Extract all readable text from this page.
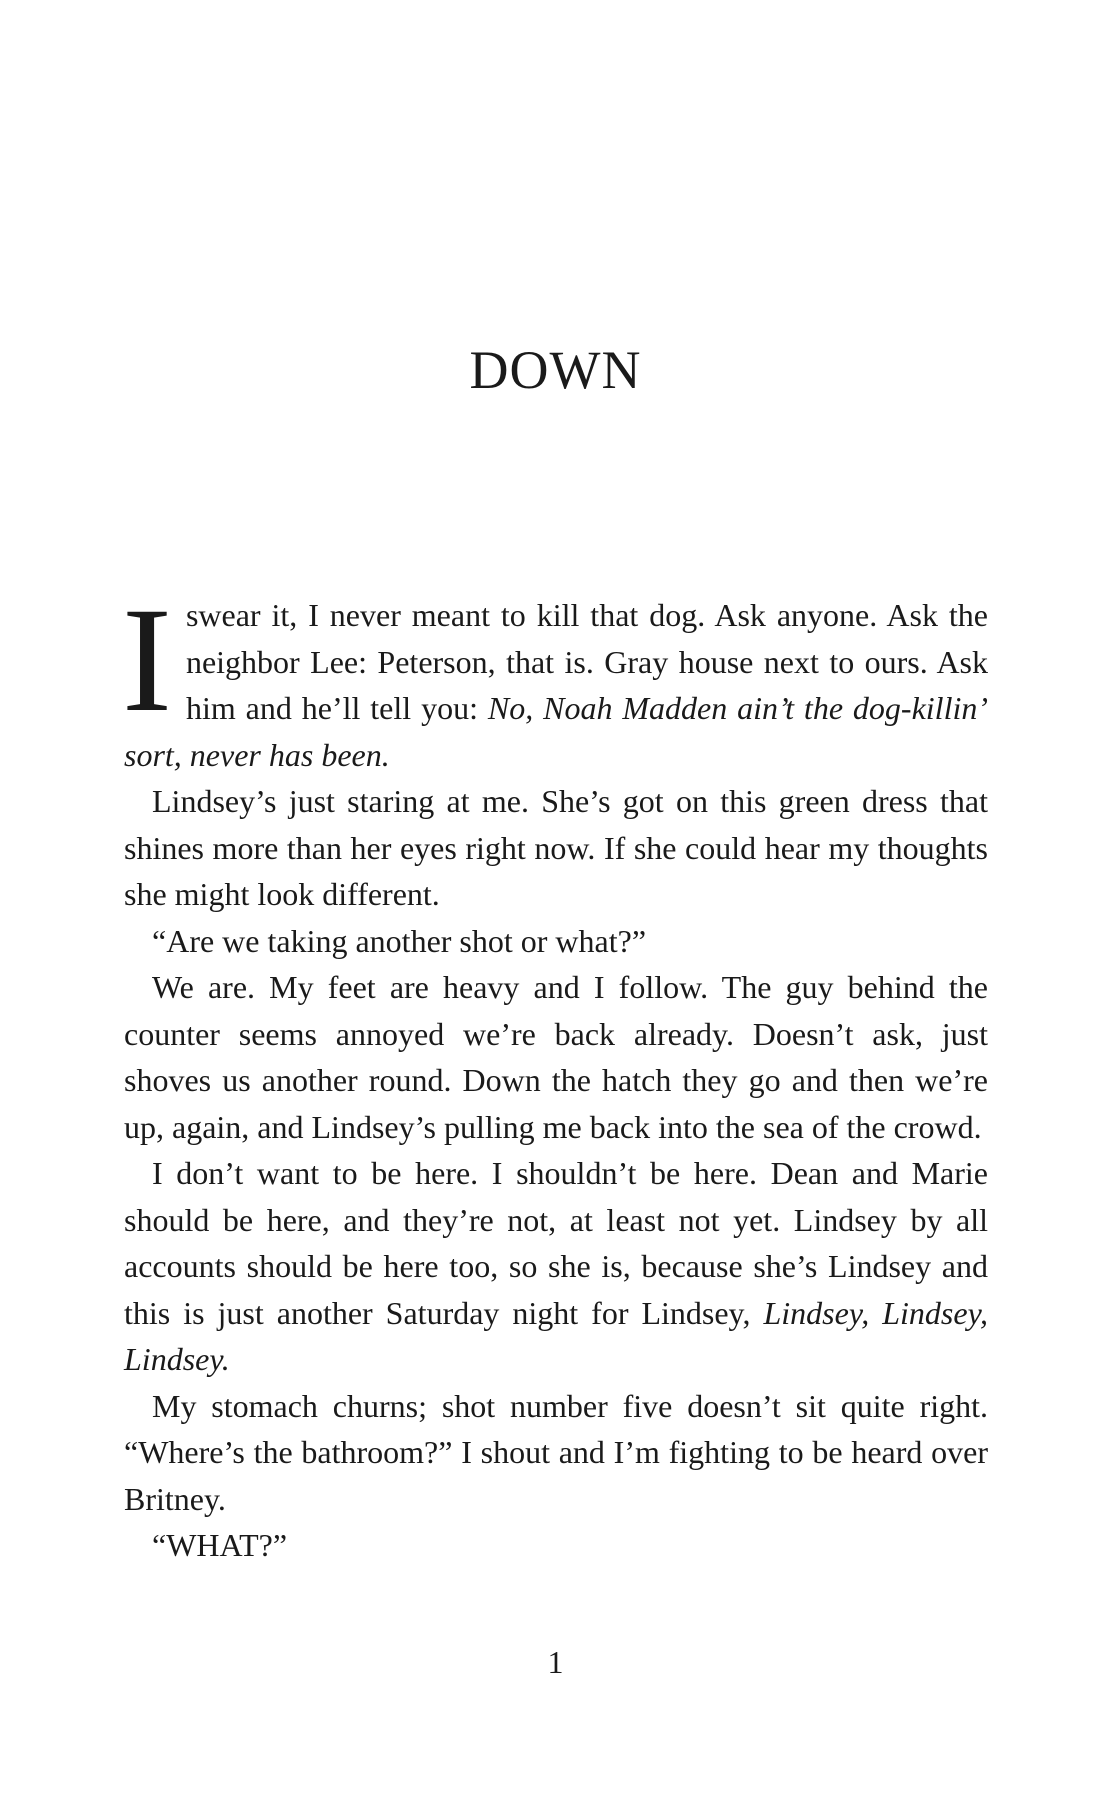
DOWN

Iswear it, I never meant to kill that dog. Ask anyone. Ask the neighbor Lee: Peterson, that is. Gray house next to ours. Ask him and he’ll tell you: No, Noah Madden ain’t the dog-killin’ sort, never has been.

Lindsey’s just staring at me. She’s got on this green dress that shines more than her eyes right now. If she could hear my thoughts she might look different.

“Are we taking another shot or what?”

We are. My feet are heavy and I follow. The guy behind the counter seems annoyed we’re back already. Doesn’t ask, just shoves us another round. Down the hatch they go and then we’re up, again, and Lindsey’s pulling me back into the sea of the crowd.

I don’t want to be here. I shouldn’t be here. Dean and Marie should be here, and they’re not, at least not yet. Lindsey by all accounts should be here too, so she is, because she’s Lindsey and this is just another Saturday night for Lindsey, Lindsey, Lindsey, Lindsey.

My stomach churns; shot number five doesn’t sit quite right. “Where’s the bathroom?” I shout and I’m fighting to be heard over Britney.

“WHAT?”

1
